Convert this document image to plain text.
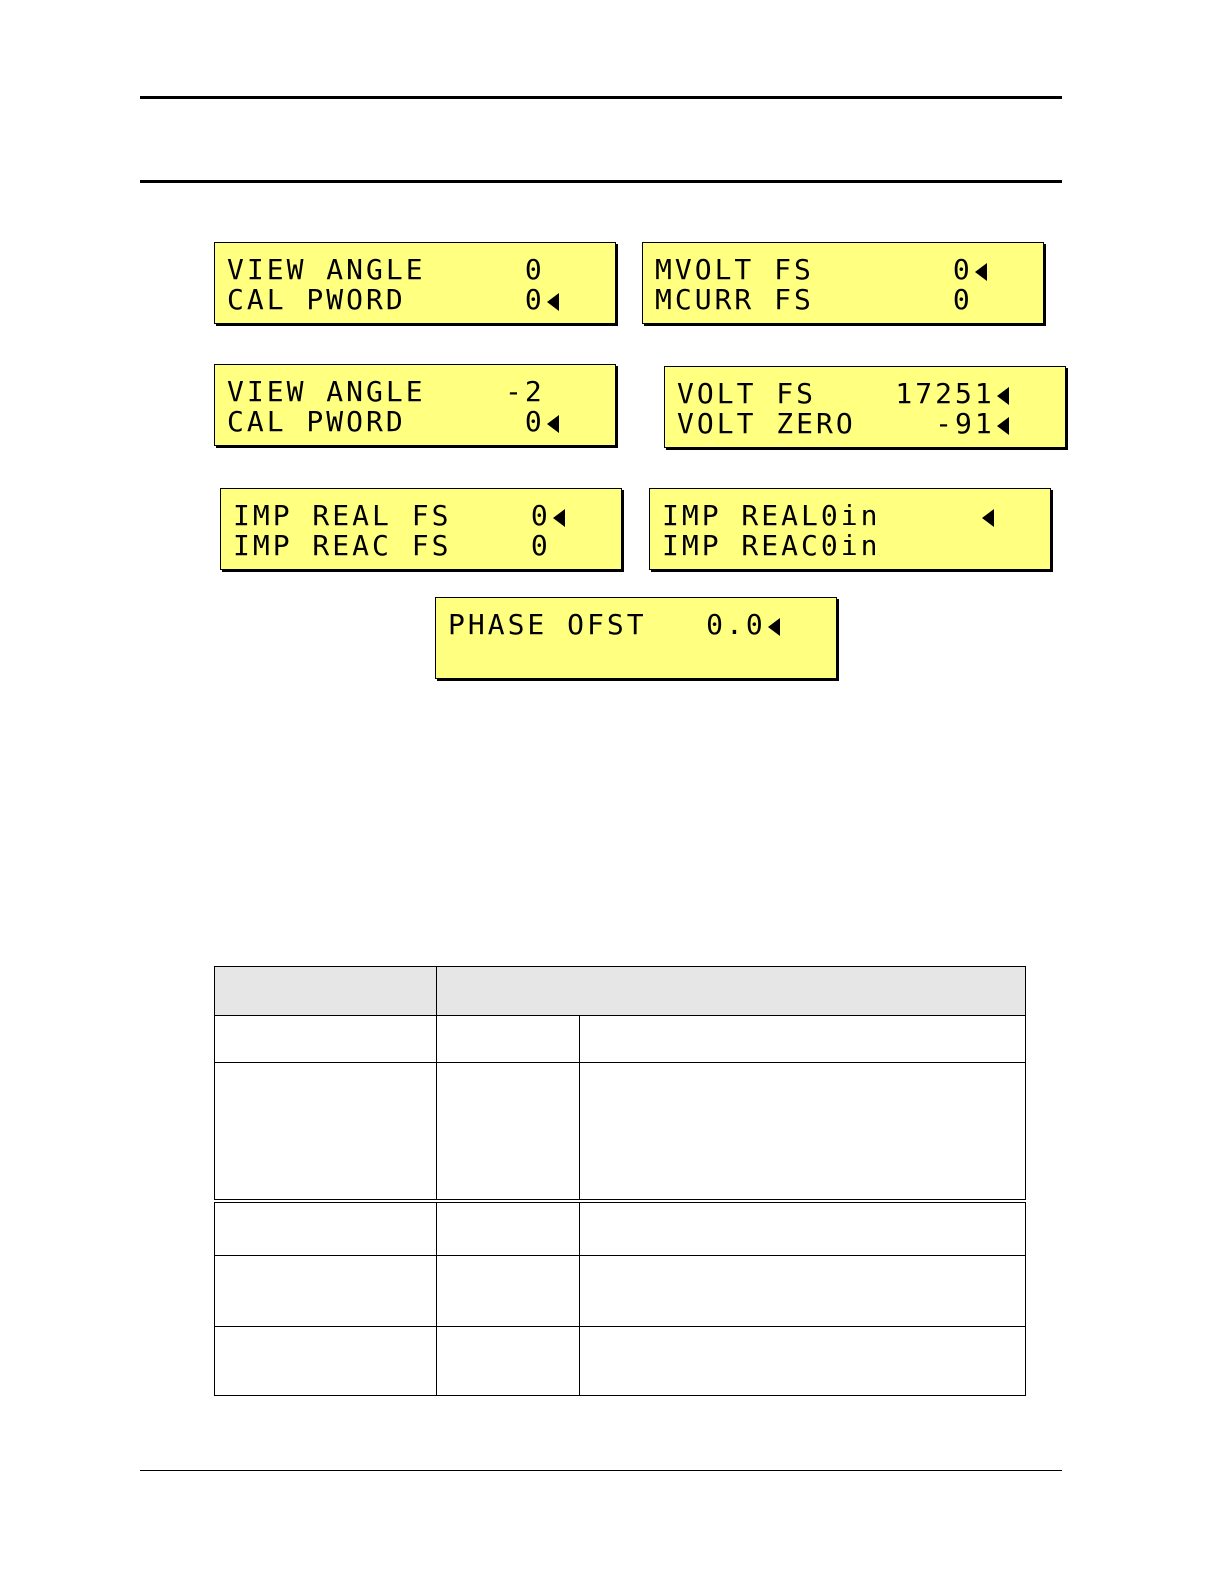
VIEW ANGLE     0
CAL PWORD      0
MVOLT FS       0
MCURR FS       0
VIEW ANGLE    -2
CAL PWORD      0
VOLT FS    17251
VOLT ZERO    -91
IMP REAL FS    0
IMP REAC FS    0
IMP REAL0in
IMP REAC0in
PHASE OFST   0.0
